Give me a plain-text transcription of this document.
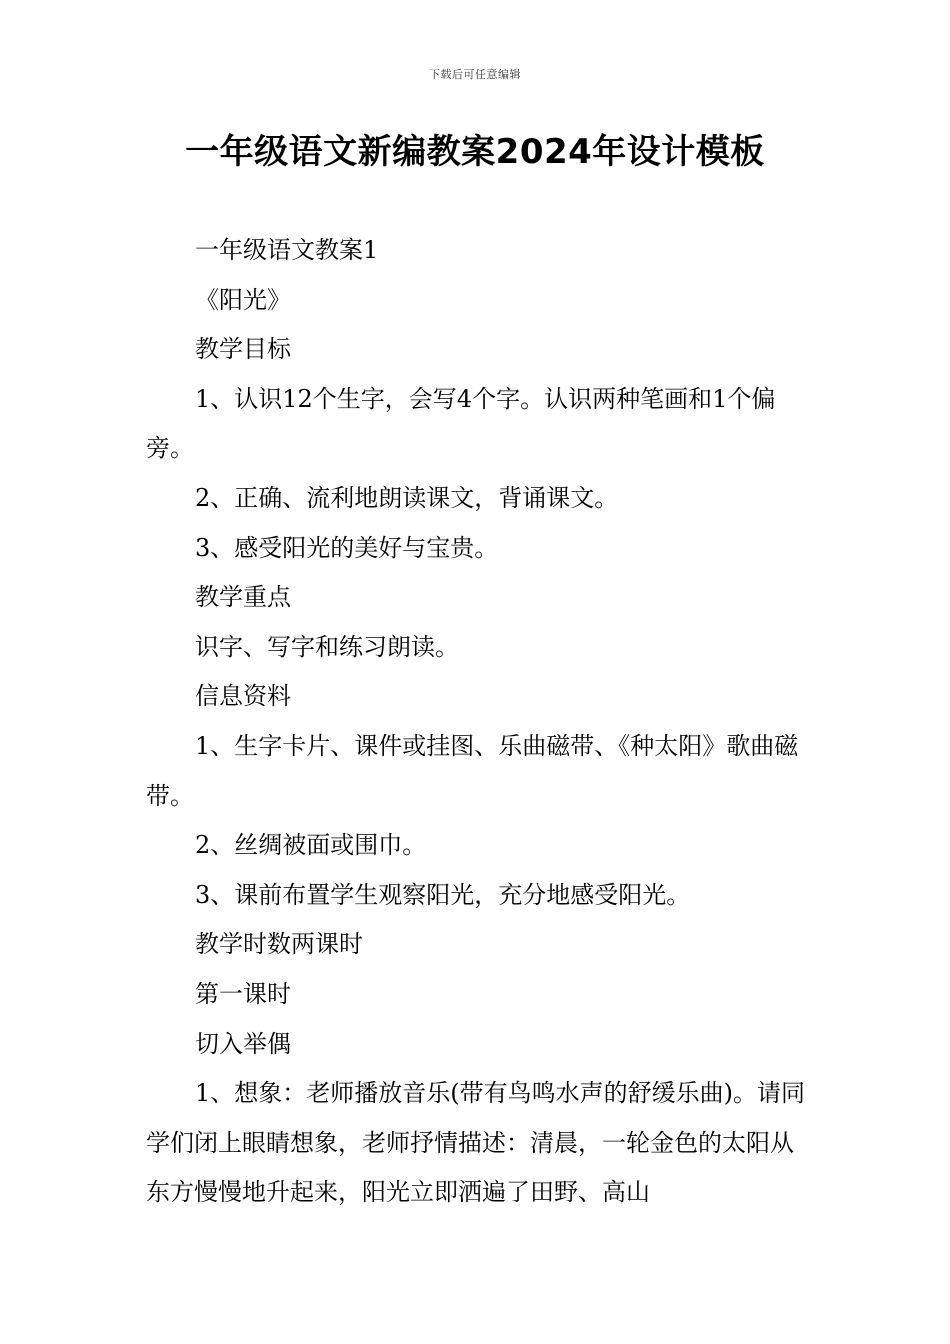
下载后可任意编辑
一年级语文新编教案2024年设计模板

一年级语文教案1

《阳光》

教学目标

1、认识12个生字，会写4个字。认识两种笔画和1个偏旁。

2、正确、流利地朗读课文，背诵课文。

3、感受阳光的美好与宝贵。

教学重点

识字、写字和练习朗读。

信息资料

1、生字卡片、课件或挂图、乐曲磁带、《种太阳》歌曲磁带。

2、丝绸被面或围巾。

3、课前布置学生观察阳光，充分地感受阳光。

教学时数两课时

第一课时

切入举偶

1、想象：老师播放音乐(带有鸟鸣水声的舒缓乐曲)。请同学们闭上眼睛想象，老师抒情描述：清晨，一轮金色的太阳从东方慢慢地升起来，阳光立即洒遍了田野、高山
